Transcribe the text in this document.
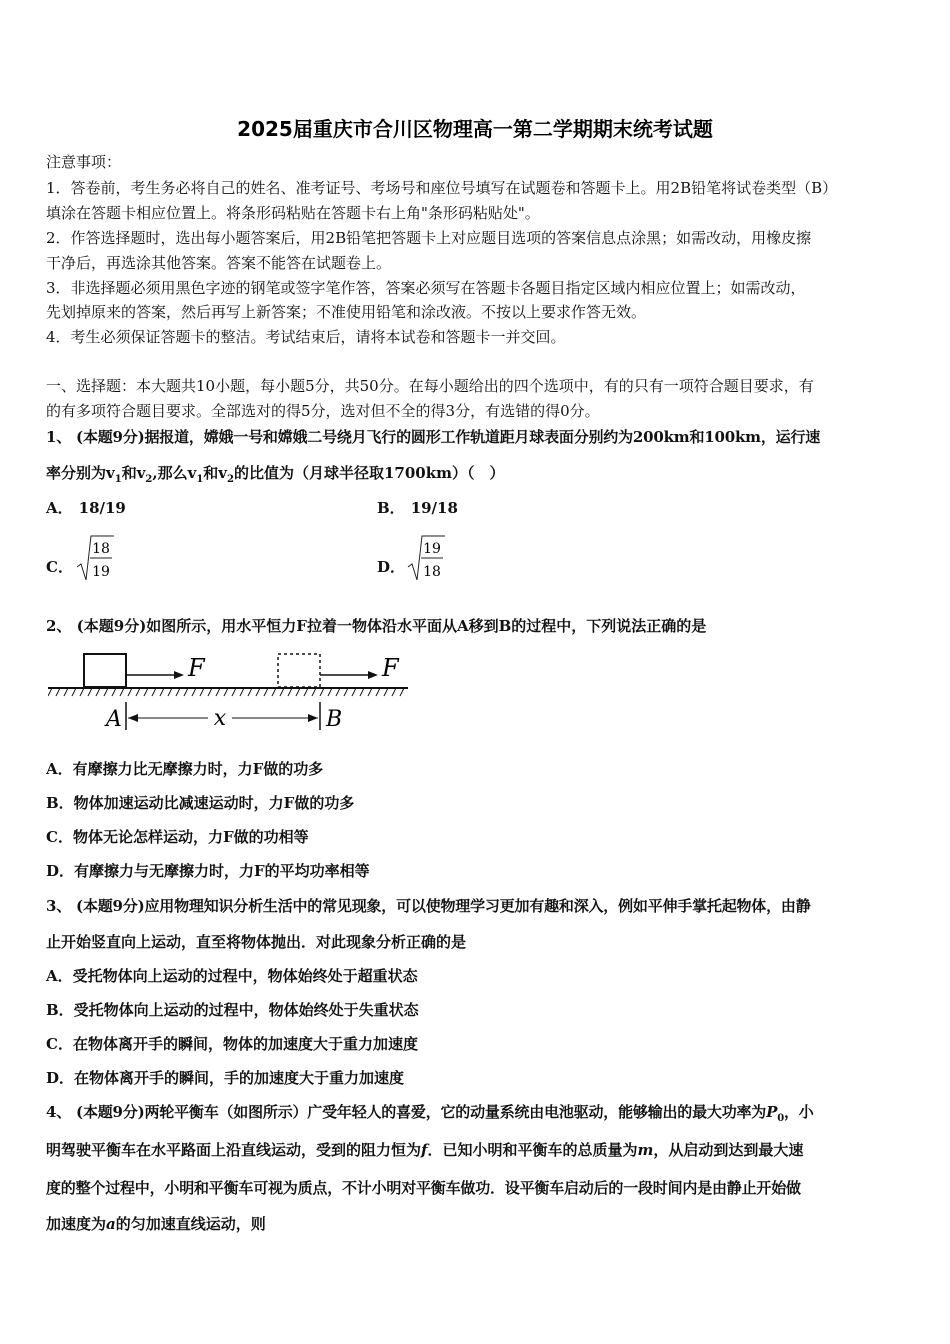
2025届重庆市合川区物理高一第二学期期末统考试题
注意事项：
1．答卷前，考生务必将自己的姓名、准考证号、考场号和座位号填写在试题卷和答题卡上。用2B铅笔将试卷类型（B）
填涂在答题卡相应位置上。将条形码粘贴在答题卡右上角"条形码粘贴处"。
2．作答选择题时，选出每小题答案后，用2B铅笔把答题卡上对应题目选项的答案信息点涂黑；如需改动，用橡皮擦
干净后，再选涂其他答案。答案不能答在试题卷上。
3．非选择题必须用黑色字迹的钢笔或签字笔作答，答案必须写在答题卡各题目指定区域内相应位置上；如需改动，
先划掉原来的答案，然后再写上新答案；不准使用铅笔和涂改液。不按以上要求作答无效。
4．考生必须保证答题卡的整洁。考试结束后，请将本试卷和答题卡一并交回。
一、选择题：本大题共10小题，每小题5分，共50分。在每小题给出的四个选项中，有的只有一项符合题目要求，有
的有多项符合题目要求。全部选对的得5分，选对但不全的得3分，有选错的得0分。
1、 (本题9分)据报道，嫦娥一号和嫦娥二号绕月飞行的圆形工作轨道距月球表面分别约为200km和100km，运行速
率分别为$v_1$和$v_2$,那么$v_1$和$v_2$的比值为（月球半径取1700km）（　）
A． 18/19	B． 19/18
C．
18
19	D．
19
18
2、 (本题9分)如图所示，用水平恒力F拉着一物体沿水平面从A移到B的过程中，下列说法正确的是
F	F
A	B
x
A．有摩擦力比无摩擦力时，力F做的功多
B．物体加速运动比减速运动时，力F做的功多
C．物体无论怎样运动，力F做的功相等
D．有摩擦力与无摩擦力时，力F的平均功率相等
3、 (本题9分)应用物理知识分析生活中的常见现象，可以使物理学习更加有趣和深入，例如平伸手掌托起物体，由静
止开始竖直向上运动，直至将物体抛出．对此现象分析正确的是
A．受托物体向上运动的过程中，物体始终处于超重状态
B．受托物体向上运动的过程中，物体始终处于失重状态
C．在物体离开手的瞬间，物体的加速度大于重力加速度
D．在物体离开手的瞬间，手的加速度大于重力加速度
4、 (本题9分)两轮平衡车（如图所示）广受年轻人的喜爱，它的动量系统由电池驱动，能够输出的最大功率为$P_0$，小
明驾驶平衡车在水平路面上沿直线运动，受到的阻力恒为f．已知小明和平衡车的总质量为m，从启动到达到最大速
度的整个过程中，小明和平衡车可视为质点，不计小明对平衡车做功．设平衡车启动后的一段时间内是由静止开始做
加速度为a的匀加速直线运动，则
